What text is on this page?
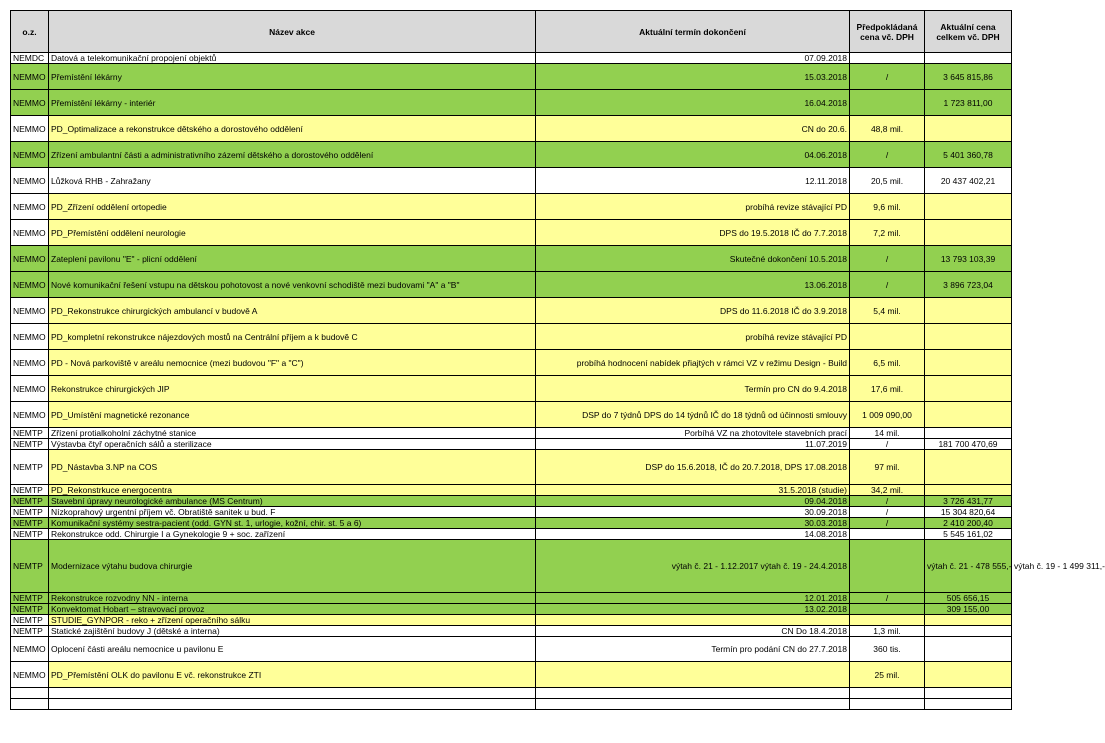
o.z.	Název akce	Aktuální termín dokončení	Předpokládaná cena vč. DPH	Aktuální cena celkem vč. DPH
NEMDC	Datová a telekomunikační propojení objektů	07.09.2018		
NEMMO	Přemístění lékárny	15.03.2018	/	3 645 815,86
NEMMO	Přemístění lékárny - interiér	16.04.2018		1 723 811,00
NEMMO	PD_Optimalizace a rekonstrukce dětského a dorostového oddělení	CN do 20.6.	48,8 mil.	
NEMMO	Zřízení ambulantní části a administrativního zázemí dětského a dorostového oddělení	04.06.2018	/	5 401 360,78
NEMMO	Lůžková RHB - Zahražany	12.11.2018	20,5 mil.	20 437 402,21
NEMMO	PD_Zřízení oddělení ortopedie	probíhá revize stávající PD	9,6 mil.	
NEMMO	PD_Přemístění oddělení neurologie	DPS do 19.5.2018 IČ do 7.7.2018	7,2 mil.	
NEMMO	Zateplení pavilonu "E" - plicní oddělení	Skutečné dokončení 10.5.2018	/	13 793 103,39
NEMMO	Nové komunikační řešení vstupu na dětskou pohotovost a nové venkovní schodiště mezi budovami "A" a "B"	13.06.2018	/	3 896 723,04
NEMMO	PD_Rekonstrukce chirurgických ambulancí v budově A	DPS do 11.6.2018 IČ do 3.9.2018	5,4 mil.	
NEMMO	PD_kompletní rekonstrukce nájezdových mostů na Centrální příjem a k budově C	probíhá revize stávající PD		
NEMMO	PD - Nová parkoviště v areálu nemocnice (mezi budovou "F" a "C")	probíhá hodnocení nabídek přiajtých v rámci VZ v režimu Design - Build	6,5 mil.	
NEMMO	Rekonstrukce chirurgických JIP	Termín pro CN do 9.4.2018	17,6 mil.	
NEMMO	PD_Umístění magnetické rezonance	DSP do 7 týdnů DPS do 14 týdnů IČ do 18 týdnů od účinnosti smlouvy	1 009 090,00	
NEMTP	Zřízení protialkoholní záchytné stanice	Porbíhá VZ na zhotovitele stavebních prací	14 mil.	
NEMTP	Výstavba čtyř operačních sálů a sterilizace	11.07.2019	/	181 700 470,69
NEMTP	PD_Nástavba 3.NP na COS	DSP do 15.6.2018, IČ do 20.7.2018, DPS 17.08.2018	97 mil.	
NEMTP	PD_Rekonstrkuce energocentra	31.5.2018 (studie)	34,2 mil.	
NEMTP	Stavební úpravy neurologické ambulance (MS Centrum)	09.04.2018	/	3 726 431,77
NEMTP	Nízkoprahový urgentní příjem vč. Obratiště sanitek u bud. F	30.09.2018	/	15 304 820,64
NEMTP	Komunikační systémy sestra-pacient (odd. GYN st. 1, urlogie, kožní, chir. st. 5 a 6)	30.03.2018	/	2 410 200,40
NEMTP	Rekonstrukce odd. Chirurgie I a Gynekologie 9 + soc. zařízení	14.08.2018		5 545 161,02
NEMTP	Modernizace výtahu budova chirurgie	výtah č. 21 - 1.12.2017 výtah č. 19 - 24.4.2018		výtah č. 21 - 478 555,- výtah č. 19 - 1 499 311,-
NEMTP	Rekonstrukce rozvodny NN - interna	12.01.2018	/	505 656,15
NEMTP	Konvektomat Hobart – stravovací provoz	13.02.2018		309 155,00
NEMTP	STUDIE_GYNPOR - reko + zřízení operačního sálku			
NEMTP	Statické zajištění budovy J (dětské a interna)	CN Do 18.4.2018	1,3 mil.	
NEMMO	Oplocení části areálu nemocnice u pavilonu E	Termín pro podání CN do 27.7.2018	360 tis.	
NEMMO	PD_Přemístění OLK do pavilonu E vč. rekonstrukce ZTI		25 mil.	
